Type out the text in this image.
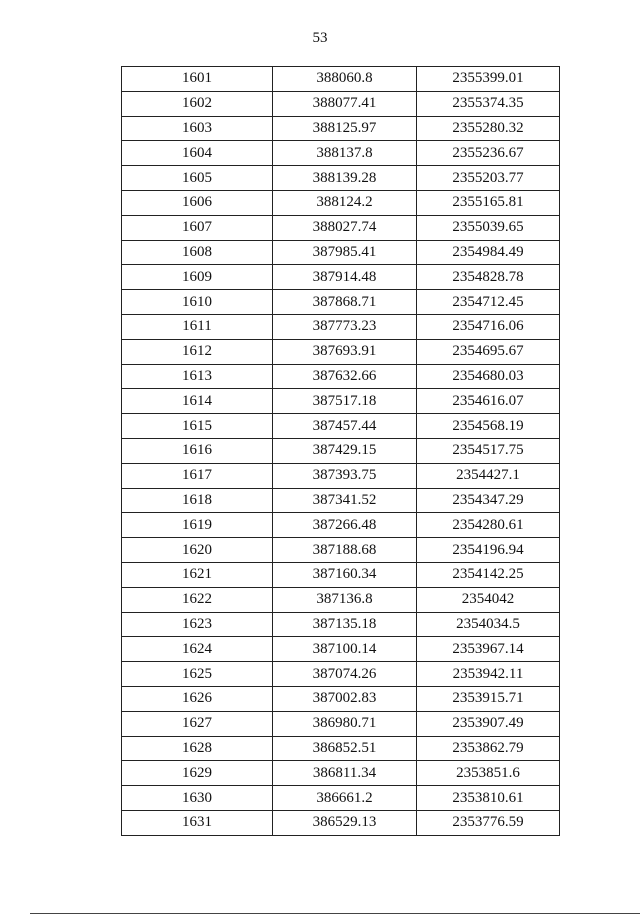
53
1601	388060.8	2355399.01
1602	388077.41	2355374.35
1603	388125.97	2355280.32
1604	388137.8	2355236.67
1605	388139.28	2355203.77
1606	388124.2	2355165.81
1607	388027.74	2355039.65
1608	387985.41	2354984.49
1609	387914.48	2354828.78
1610	387868.71	2354712.45
1611	387773.23	2354716.06
1612	387693.91	2354695.67
1613	387632.66	2354680.03
1614	387517.18	2354616.07
1615	387457.44	2354568.19
1616	387429.15	2354517.75
1617	387393.75	2354427.1
1618	387341.52	2354347.29
1619	387266.48	2354280.61
1620	387188.68	2354196.94
1621	387160.34	2354142.25
1622	387136.8	2354042
1623	387135.18	2354034.5
1624	387100.14	2353967.14
1625	387074.26	2353942.11
1626	387002.83	2353915.71
1627	386980.71	2353907.49
1628	386852.51	2353862.79
1629	386811.34	2353851.6
1630	386661.2	2353810.61
1631	386529.13	2353776.59
